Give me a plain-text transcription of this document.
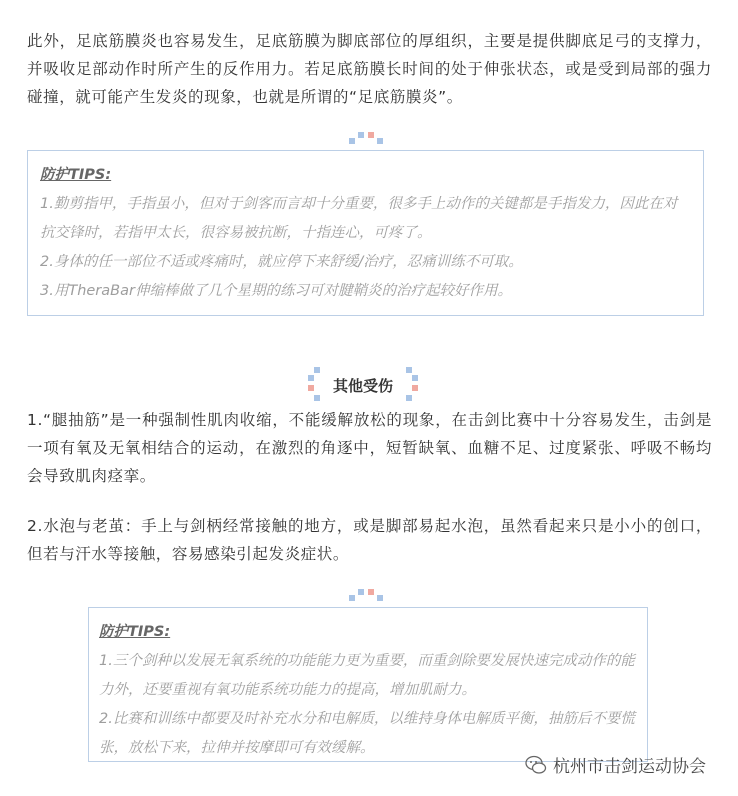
此外，足底筋膜炎也容易发生，足底筋膜为脚底部位的厚组织，主要是提供脚底足弓的支撑力，并吸收足部动作时所产生的反作用力。若足底筋膜长时间的处于伸张状态，或是受到局部的强力碰撞，就可能产生发炎的现象，也就是所谓的“足底筋膜炎”。

防护TIPS:

1.勤剪指甲，手指虽小，但对于剑客而言却十分重要，很多手上动作的关键都是手指发力，因此在对抗交锋时，若指甲太长，很容易被抗断，十指连心，可疼了。

2.身体的任一部位不适或疼痛时，就应停下来舒缓/治疗，忍痛训练不可取。

3.用TheraBar伸缩棒做了几个星期的练习可对腱鞘炎的治疗起较好作用。

其他受伤

1.“腿抽筋”是一种强制性肌肉收缩，不能缓解放松的现象，在击剑比赛中十分容易发生，击剑是一项有氧及无氧相结合的运动，在激烈的角逐中，短暂缺氧、血糖不足、过度紧张、呼吸不畅均会导致肌肉痉挛。

2.水泡与老茧：手上与剑柄经常接触的地方，或是脚部易起水泡，虽然看起来只是小小的创口，但若与汗水等接触，容易感染引起发炎症状。

防护TIPS:

1.三个剑种以发展无氧系统的功能能力更为重要，而重剑除要发展快速完成动作的能力外，还要重视有氧功能系统功能力的提高，增加肌耐力。

2.比赛和训练中都要及时补充水分和电解质，以维持身体电解质平衡，抽筋后不要慌张，放松下来，拉伸并按摩即可有效缓解。

杭州市击剑运动协会
